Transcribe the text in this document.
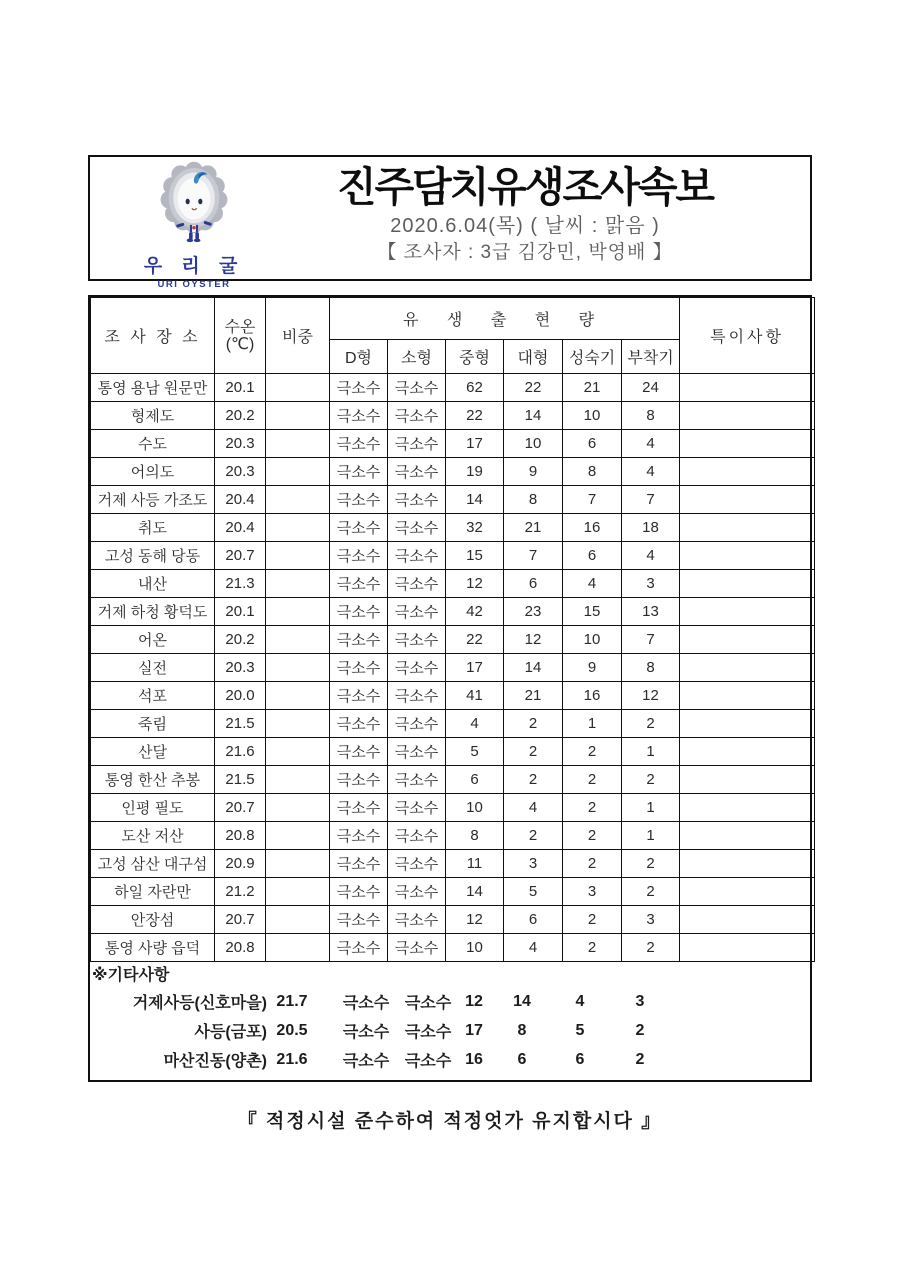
우 리 굴
URI OYSTER
진주담치유생조사속보
2020.6.04(목) ( 날씨 : 맑음 )
【 조사자 : 3급 김강민, 박영배 】
조 사 장 소	수온
(℃)	비중	유 생 출 현 량						특이사항
			D형	소형	중형	대형	성숙기	부착기	
통영 용남 원문만	20.1		극소수	극소수	62	22	21	24	
형제도	20.2		극소수	극소수	22	14	10	8	
수도	20.3		극소수	극소수	17	10	6	4	
어의도	20.3		극소수	극소수	19	9	8	4	
거제 사등 가조도	20.4		극소수	극소수	14	8	7	7	
취도	20.4		극소수	극소수	32	21	16	18	
고성 동해 당동	20.7		극소수	극소수	15	7	6	4	
내산	21.3		극소수	극소수	12	6	4	3	
거제 하청 황덕도	20.1		극소수	극소수	42	23	15	13	
어온	20.2		극소수	극소수	22	12	10	7	
실전	20.3		극소수	극소수	17	14	9	8	
석포	20.0		극소수	극소수	41	21	16	12	
죽림	21.5		극소수	극소수	4	2	1	2	
산달	21.6		극소수	극소수	5	2	2	1	
통영 한산 추봉	21.5		극소수	극소수	6	2	2	2	
인평 필도	20.7		극소수	극소수	10	4	2	1	
도산 저산	20.8		극소수	극소수	8	2	2	1	
고성 삼산 대구섬	20.9		극소수	극소수	11	3	2	2	
하일 자란만	21.2		극소수	극소수	14	5	3	2	
안장섬	20.7		극소수	극소수	12	6	2	3	
통영 사량 읍덕	20.8		극소수	극소수	10	4	2	2	
※기타사항
거제사등(신호마을) 21.7	극소수 극소수 12	14	4	3
사등(금포) 20.5	극소수 극소수 17	8	5	2
마산진동(양촌) 21.6	극소수 극소수 16	6	6	2
『 적정시설 준수하여 적정엇가 유지합시다 』
